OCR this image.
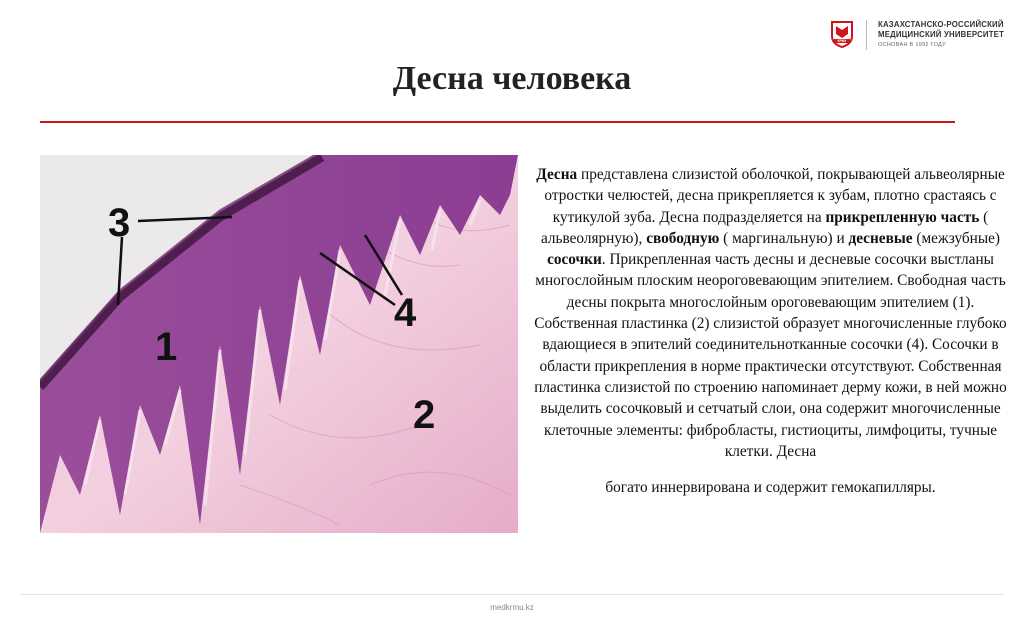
КРМУ
КАЗАХСТАНСКО-РОССИЙСКИЙ
МЕДИЦИНСКИЙ УНИВЕРСИТЕТ
ОСНОВАН В 1992 ГОДУ
Десна человека
3
1
4
2
Десна представлена слизистой оболочкой, покрывающей альвеолярные отростки челюстей, десна прикрепляется к зубам, плотно срастаясь с кутикулой зуба. Десна подразделяется на прикрепленную часть ( альвеолярную), свободную ( маргинальную) и десневые (межзубные) сосочки. Прикрепленная часть десны и десневые сосочки выстланы многослойным плоским неороговевающим эпителием. Свободная часть десны покрыта многослойным ороговевающим эпителием (1). Собственная пластинка (2) слизистой образует многочисленные глубоко вдающиеся в эпителий соединительнотканные сосочки (4). Сосочки в области прикрепления в норме практически отсутствуют. Собственная пластинка слизистой по строению напоминает дерму кожи, в ней можно выделить сосочковый и сетчатый слои, она содержит многочисленные клеточные элементы: фибробласты, гистиоциты, лимфоциты, тучные клетки. Десна
богато иннервирована и содержит гемокапилляры.
medkrmu.kz
